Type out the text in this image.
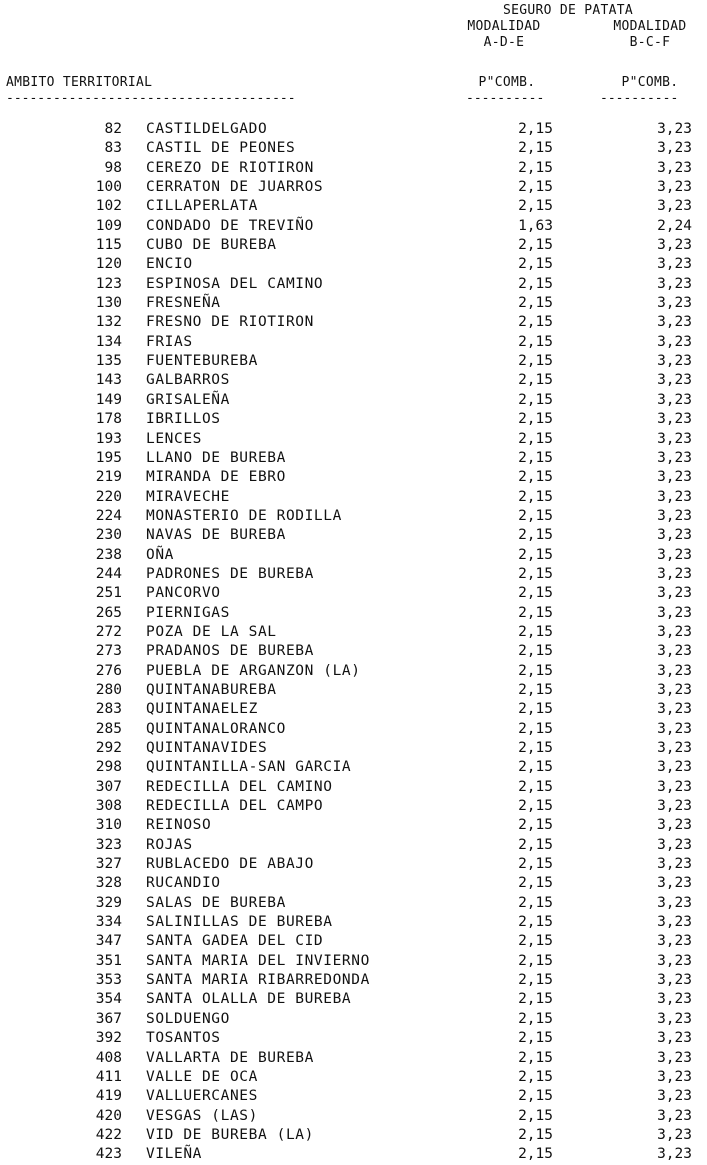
SEGURO DE PATATA
MODALIDAD
A-D-E
MODALIDAD
B-C-F
AMBITO TERRITORIAL	P"COMB.	P"COMB.
-------------------------------------	----------	----------
82 CASTILDELGADO	2,15	3,23
83 CASTIL DE PEONES	2,15	3,23
98 CEREZO DE RIOTIRON	2,15	3,23
100 CERRATON DE JUARROS	2,15	3,23
102 CILLAPERLATA	2,15	3,23
109 CONDADO DE TREVIÑO	1,63	2,24
115 CUBO DE BUREBA	2,15	3,23
120 ENCIO	2,15	3,23
123 ESPINOSA DEL CAMINO	2,15	3,23
130 FRESNEÑA	2,15	3,23
132 FRESNO DE RIOTIRON	2,15	3,23
134 FRIAS	2,15	3,23
135 FUENTEBUREBA	2,15	3,23
143 GALBARROS	2,15	3,23
149 GRISALEÑA	2,15	3,23
178 IBRILLOS	2,15	3,23
193 LENCES	2,15	3,23
195 LLANO DE BUREBA	2,15	3,23
219 MIRANDA DE EBRO	2,15	3,23
220 MIRAVECHE	2,15	3,23
224 MONASTERIO DE RODILLA	2,15	3,23
230 NAVAS DE BUREBA	2,15	3,23
238 OÑA	2,15	3,23
244 PADRONES DE BUREBA	2,15	3,23
251 PANCORVO	2,15	3,23
265 PIERNIGAS	2,15	3,23
272 POZA DE LA SAL	2,15	3,23
273 PRADANOS DE BUREBA	2,15	3,23
276 PUEBLA DE ARGANZON (LA)	2,15	3,23
280 QUINTANABUREBA	2,15	3,23
283 QUINTANAELEZ	2,15	3,23
285 QUINTANALORANCO	2,15	3,23
292 QUINTANAVIDES	2,15	3,23
298 QUINTANILLA-SAN GARCIA	2,15	3,23
307 REDECILLA DEL CAMINO	2,15	3,23
308 REDECILLA DEL CAMPO	2,15	3,23
310 REINOSO	2,15	3,23
323 ROJAS	2,15	3,23
327 RUBLACEDO DE ABAJO	2,15	3,23
328 RUCANDIO	2,15	3,23
329 SALAS DE BUREBA	2,15	3,23
334 SALINILLAS DE BUREBA	2,15	3,23
347 SANTA GADEA DEL CID	2,15	3,23
351 SANTA MARIA DEL INVIERNO	2,15	3,23
353 SANTA MARIA RIBARREDONDA	2,15	3,23
354 SANTA OLALLA DE BUREBA	2,15	3,23
367 SOLDUENGO	2,15	3,23
392 TOSANTOS	2,15	3,23
408 VALLARTA DE BUREBA	2,15	3,23
411 VALLE DE OCA	2,15	3,23
419 VALLUERCANES	2,15	3,23
420 VESGAS (LAS)	2,15	3,23
422 VID DE BUREBA (LA)	2,15	3,23
423 VILEÑA	2,15	3,23
